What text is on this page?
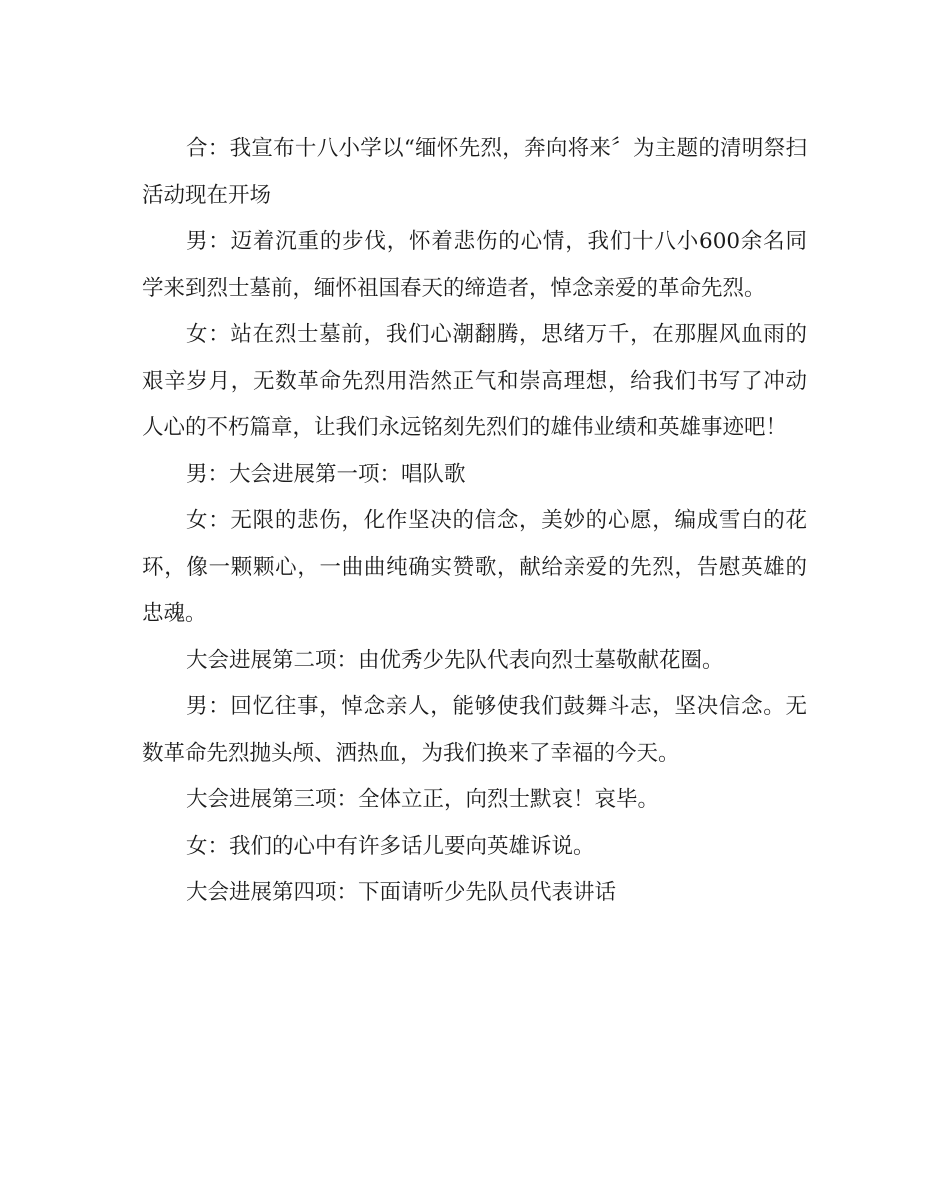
合：我宣布十八小学以“缅怀先烈，奔向将来〞为主题的清明祭扫活动现在开场

男：迈着沉重的步伐，怀着悲伤的心情，我们十八小600余名同学来到烈士墓前，缅怀祖国春天的缔造者，悼念亲爱的革命先烈。

女：站在烈士墓前，我们心潮翻腾，思绪万千，在那腥风血雨的艰辛岁月，无数革命先烈用浩然正气和崇高理想，给我们书写了冲动人心的不朽篇章，让我们永远铭刻先烈们的雄伟业绩和英雄事迹吧！

男：大会进展第一项：唱队歌

女：无限的悲伤，化作坚决的信念，美妙的心愿，编成雪白的花环，像一颗颗心，一曲曲纯确实赞歌，献给亲爱的先烈，告慰英雄的忠魂。

大会进展第二项：由优秀少先队代表向烈士墓敬献花圈。

男：回忆往事，悼念亲人，能够使我们鼓舞斗志，坚决信念。无数革命先烈抛头颅、洒热血，为我们换来了幸福的今天。

大会进展第三项：全体立正，向烈士默哀！哀毕。

女：我们的心中有许多话儿要向英雄诉说。

大会进展第四项：下面请听少先队员代表讲话
